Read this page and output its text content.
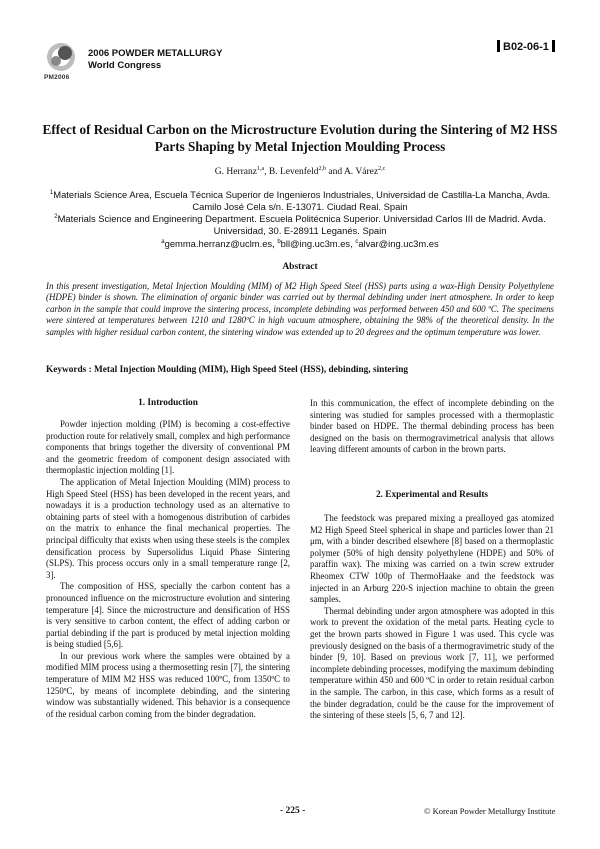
PM2006
2006 POWDER METALLURGY
World Congress
B02-06-1
Effect of Residual Carbon on the Microstructure Evolution during the Sintering of M2 HSS Parts Shaping by Metal Injection Moulding Process
G. Herranz$^{1,a}$, B. Levenfeld$^{2,b}$ and A. Várez$^{2,c}$
$^1$Materials Science Area, Escuela Técnica Superior de Ingenieros Industriales, Universidad de Castilla-La Mancha, Avda. Camilo José Cela s/n. E-13071. Ciudad Real. Spain
$^2$Materials Science and Engineering Department. Escuela Politécnica Superior. Universidad Carlos III de Madrid. Avda. Universidad, 30. E-28911 Leganés. Spain
$^a$gemma.herranz@uclm.es, $^b$bll@ing.uc3m.es, $^c$alvar@ing.uc3m.es
Abstract
In this present investigation, Metal Injection Moulding (MIM) of M2 High Speed Steel (HSS) parts using a wax-High Density Polyethylene (HDPE) binder is shown. The elimination of organic binder was carried out by thermal debinding under inert atmosphere. In order to keep carbon in the sample that could improve the sintering process, incomplete debinding was performed between 450 and 600 ºC. The specimens were sintered at temperatures between 1210 and 1280ºC in high vacuum atmosphere, obtaining the 98% of the theoretical density. In the samples with higher residual carbon content, the sintering window was extended up to 20 degrees and the optimum temperature was lower.
Keywords : Metal Injection Moulding (MIM), High Speed Steel (HSS), debinding, sintering
1. Introduction

Powder injection molding (PIM) is becoming a cost-effective production route for relatively small, complex and high performance components that brings together the diversity of conventional PM and the geometric freedom of component design associated with thermoplastic injection molding [1].

The application of Metal Injection Moulding (MIM) process to High Speed Steel (HSS) has been developed in the recent years, and nowadays it is a production technology used as an alternative to obtaining parts of steel with a homogenous distribution of carbides on the matrix to enhance the final mechanical properties. The principal difficulty that exists when using these steels is the complex densification process by Supersolidus Liquid Phase Sintering (SLPS). This process occurs only in a small temperature range [2, 3].

The composition of HSS, specially the carbon content has a pronounced influence on the microstructure evolution and sintering temperature [4]. Since the microstructure and densification of HSS is very sensitive to carbon content, the effect of adding carbon or partial debinding if the part is produced by metal injection molding is being studied [5,6].

In our previous work where the samples were obtained by a modified MIM process using a thermosetting resin [7], the sintering temperature of MIM M2 HSS was reduced 100ºC, from 1350ºC to 1250ºC, by means of incomplete debinding, and the sintering window was substantially widened. This behavior is a consequence of the residual carbon coming from the binder degradation.

In this communication, the effect of incomplete debinding on the sintering was studied for samples processed with a thermoplastic binder based on HDPE. The thermal debinding process has been designed on the basis on thermogravimetrical analysis that allows leaving different amounts of carbon in the brown parts.

2. Experimental and Results

The feedstock was prepared mixing a prealloyed gas atomized M2 High Speed Steel spherical in shape and particles lower than 21 μm, with a binder described elsewhere [8] based on a thermoplastic polymer (50% of high density polyethylene (HDPE) and 50% of paraffin wax). The mixing was carried on a twin screw extruder Rheomex CTW 100p of ThermoHaake and the feedstock was injected in an Arburg 220-S injection machine to obtain the green samples.

Thermal debinding under argon atmosphere was adopted in this work to prevent the oxidation of the metal parts. Heating cycle to get the brown parts showed in Figure 1 was used. This cycle was previously designed on the basis of a thermogravimetric study of the binder [9, 10]. Based on previous work [7, 11], we performed incomplete debinding processes, modifying the maximum debinding temperature within 450 and 600 ºC in order to retain residual carbon in the sample. The carbon, in this case, which forms as a result of the binder degradation, could be the cause for the improvement of the sintering of these steels [5, 6, 7 and 12].

- 225 -	© Korean Powder Metallurgy Institute
